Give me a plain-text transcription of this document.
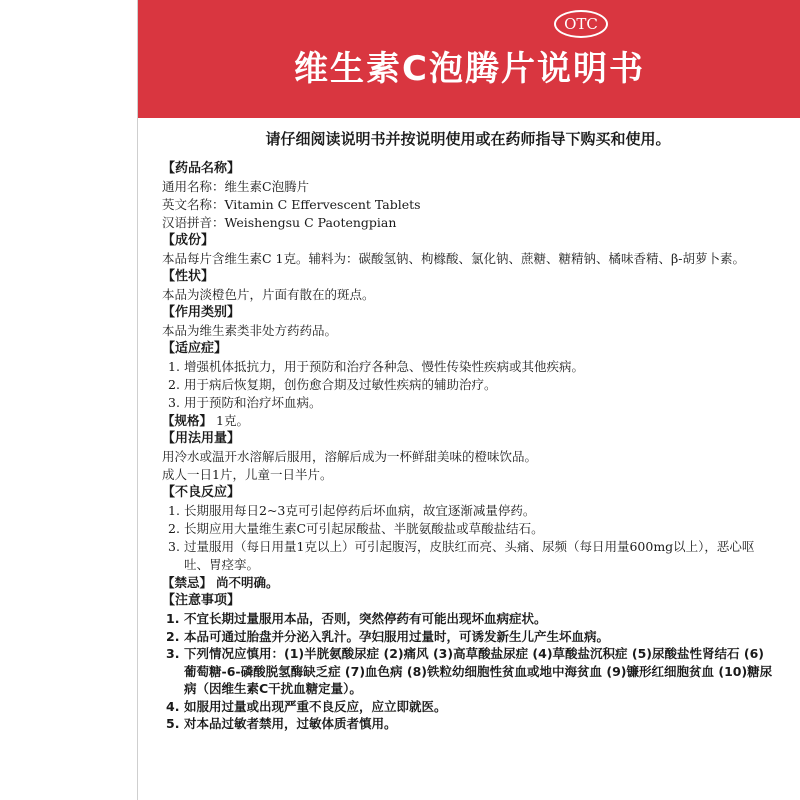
OTC
维生素C泡腾片说明书
请仔细阅读说明书并按说明使用或在药师指导下购买和使用。
【药品名称】
通用名称：维生素C泡腾片
英文名称：Vitamin C Effervescent Tablets
汉语拼音：Weishengsu C Paotengpian
【成份】
本品每片含维生素C 1克。辅料为：碳酸氢钠、枸橼酸、氯化钠、蔗糖、糖精钠、橘味香精、β-胡萝卜素。
【性状】
本品为淡橙色片，片面有散在的斑点。
【作用类别】
本品为维生素类非处方药药品。
【适应症】
1. 增强机体抵抗力，用于预防和治疗各种急、慢性传染性疾病或其他疾病。
2. 用于病后恢复期，创伤愈合期及过敏性疾病的辅助治疗。
3. 用于预防和治疗坏血病。
【规格】 1克。
【用法用量】
用冷水或温开水溶解后服用，溶解后成为一杯鲜甜美味的橙味饮品。
成人一日1片，儿童一日半片。
【不良反应】
1. 长期服用每日2~3克可引起停药后坏血病，故宜逐渐减量停药。
2. 长期应用大量维生素C可引起尿酸盐、半胱氨酸盐或草酸盐结石。
3. 过量服用（每日用量1克以上）可引起腹泻，皮肤红而亮、头痛、尿频（每日用量600mg以上），恶心呕吐、胃痉挛。
【禁忌】 尚不明确。
【注意事项】
1. 不宜长期过量服用本品，否则，突然停药有可能出现坏血病症状。
2. 本品可通过胎盘并分泌入乳汁。孕妇服用过量时，可诱发新生儿产生坏血病。
3. 下列情况应慎用：(1)半胱氨酸尿症 (2)痛风 (3)高草酸盐尿症 (4)草酸盐沉积症 (5)尿酸盐性肾结石 (6)葡萄糖-6-磷酸脱氢酶缺乏症 (7)血色病 (8)铁粒幼细胞性贫血或地中海贫血 (9)镰形红细胞贫血 (10)糖尿病（因维生素C干扰血糖定量）。
4. 如服用过量或出现严重不良反应，应立即就医。
5. 对本品过敏者禁用，过敏体质者慎用。
